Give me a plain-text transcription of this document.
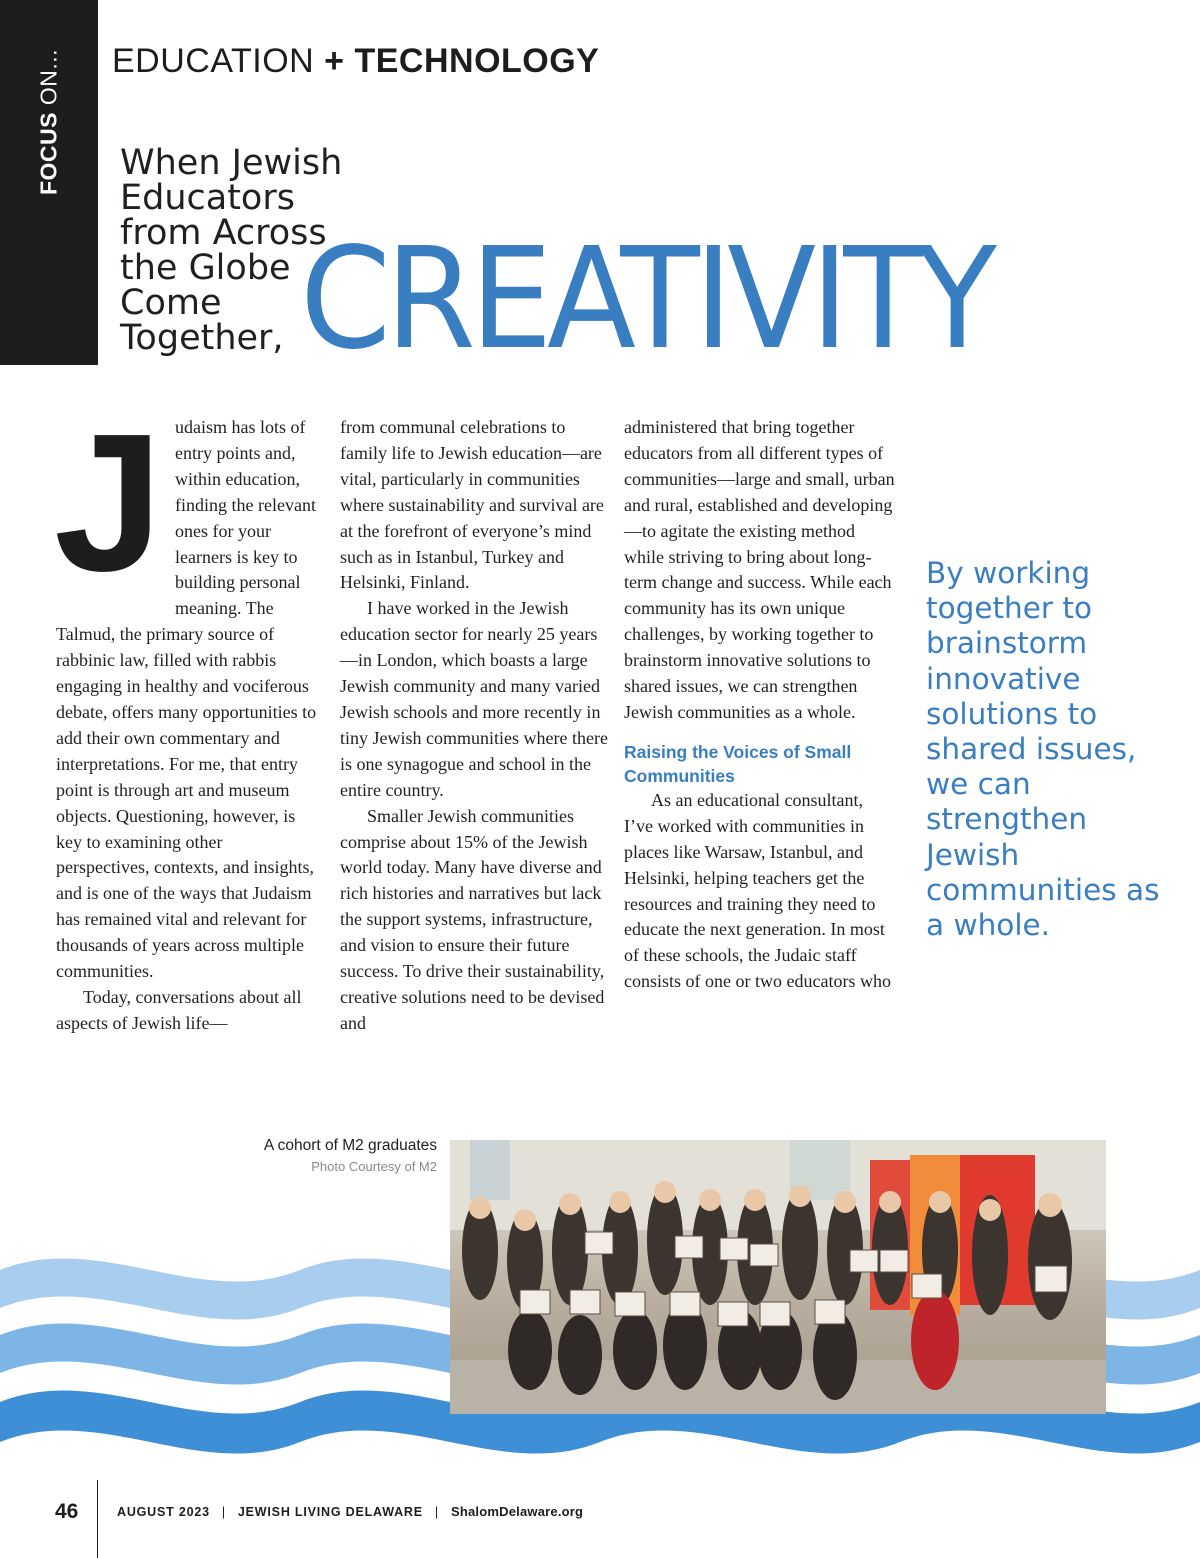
FOCUS ON... EDUCATION + TECHNOLOGY
When Jewish
Educators
from Across
the Globe
Come
Together, CREATIVITY
J udaism has lots of entry points and, within education, finding the relevant ones for your learners is key to building personal meaning. The Talmud, the primary source of rabbinic law, filled with rabbis engaging in healthy and vociferous debate, offers many opportunities to add their own commentary and interpretations. For me, that entry point is through art and museum objects. Questioning, however, is key to examining other perspectives, contexts, and insights, and is one of the ways that Judaism has remained vital and relevant for thousands of years across multiple communities.

Today, conversations about all aspects of Jewish life—

from communal celebrations to family life to Jewish education—are vital, particularly in communities where sustainability and survival are at the forefront of everyone’s mind such as in Istanbul, Turkey and Helsinki, Finland.

I have worked in the Jewish education sector for nearly 25 years—in London, which boasts a large Jewish community and many varied Jewish schools and more recently in tiny Jewish communities where there is one synagogue and school in the entire country.

Smaller Jewish communities comprise about 15% of the Jewish world today. Many have diverse and rich histories and narratives but lack the support systems, infrastructure, and vision to ensure their future success. To drive their sustainability, creative solutions need to be devised and

administered that bring together educators from all different types of communities—large and small, urban and rural, established and developing—to agitate the existing method while striving to bring about long-term change and success. While each community has its own unique challenges, by working together to brainstorm innovative solutions to shared issues, we can strengthen Jewish communities as a whole.

Raising the Voices of Small Communities

As an educational consultant, I’ve worked with communities in places like Warsaw, Istanbul, and Helsinki, helping teachers get the resources and training they need to educate the next generation. In most of these schools, the Judaic staff consists of one or two educators who

By working together to brainstorm innovative solutions to shared issues, we can strengthen Jewish communities as a whole.
A cohort of M2 graduates
Photo Courtesy of M2
46	AUGUST 2023 | JEWISH LIVING DELAWARE | ShalomDelaware.org
